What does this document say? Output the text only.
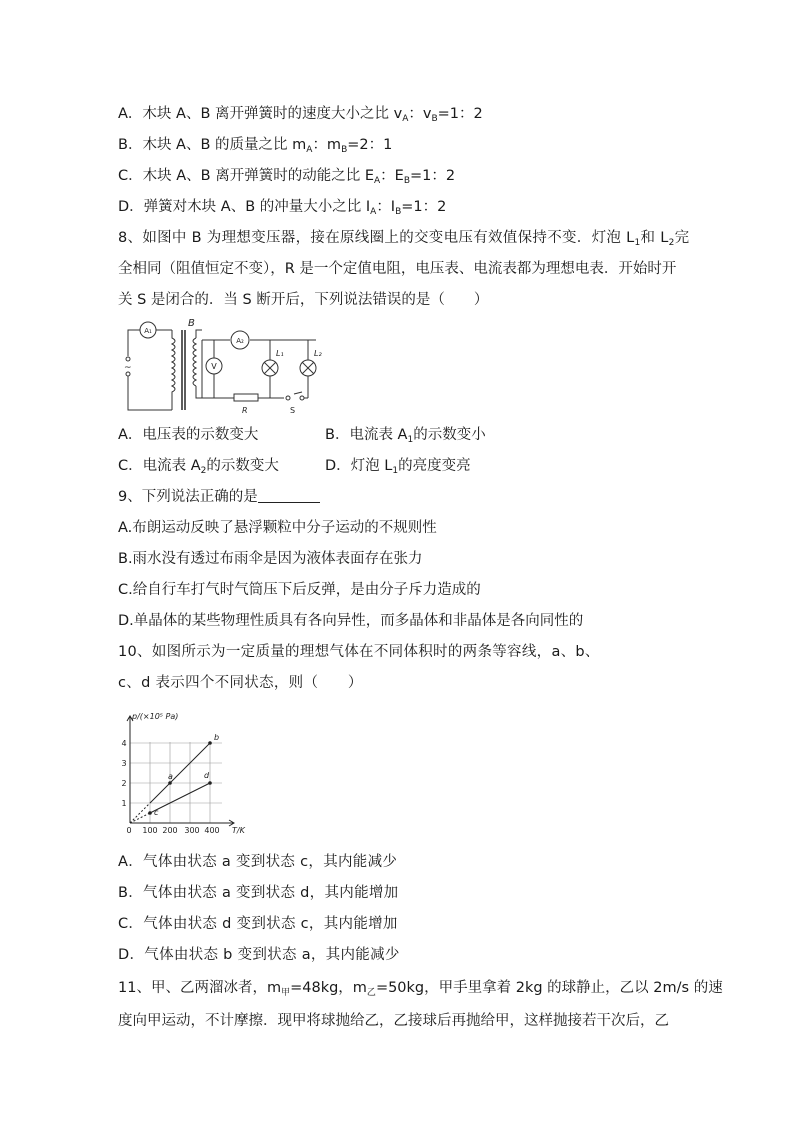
A．木块 A、B 离开弹簧时的速度大小之比 $v_A$：$v_B=1$：2
B．木块 A、B 的质量之比 $m_A$：$m_B=2$：1
C．木块 A、B 离开弹簧时的动能之比 $E_A$：$E_B=1$：2
D．弹簧对木块 A、B 的冲量大小之比 $I_A$：$I_B=1$：2
8、如图中 B 为理想变压器，接在原线圈上的交变电压有效值保持不变．灯泡 $L_1$和 $L_2$完
全相同（阻值恒定不变），R 是一个定值电阻，电压表、电流表都为理想电表．开始时开
关 S 是闭合的．当 S 断开后，下列说法错误的是（　　）
A₁
A₂
V
B
L₁	L₂
R	S
~
A．电压表的示数变大	B．电流表 $A_1$的示数变小
C．电流表 $A_2$的示数变大	D．灯泡 $L_1$的亮度变亮
9、下列说法正确的是
A.布朗运动反映了悬浮颗粒中分子运动的不规则性
B.雨水没有透过布雨伞是因为液体表面存在张力
C.给自行车打气时气筒压下后反弹，是由分子斥力造成的
D.单晶体的某些物理性质具有各向异性，而多晶体和非晶体是各向同性的
10、如图所示为一定质量的理想气体在不同体积时的两条等容线，a、b、
c、d 表示四个不同状态，则（　　）
p/(×10⁵ Pa)
T/K
1
2
3
4
0 100 200 300 400
a
b
c
d
A．气体由状态 a 变到状态 c，其内能减少
B．气体由状态 a 变到状态 d，其内能增加
C．气体由状态 d 变到状态 c，其内能增加
D．气体由状态 b 变到状态 a，其内能减少
11、甲、乙两溜冰者，$m_甲=48kg$，$m_乙=50kg$，甲手里拿着 2kg 的球静止，乙以 2m/s 的速
度向甲运动，不计摩擦．现甲将球抛给乙，乙接球后再抛给甲，这样抛接若干次后，乙
